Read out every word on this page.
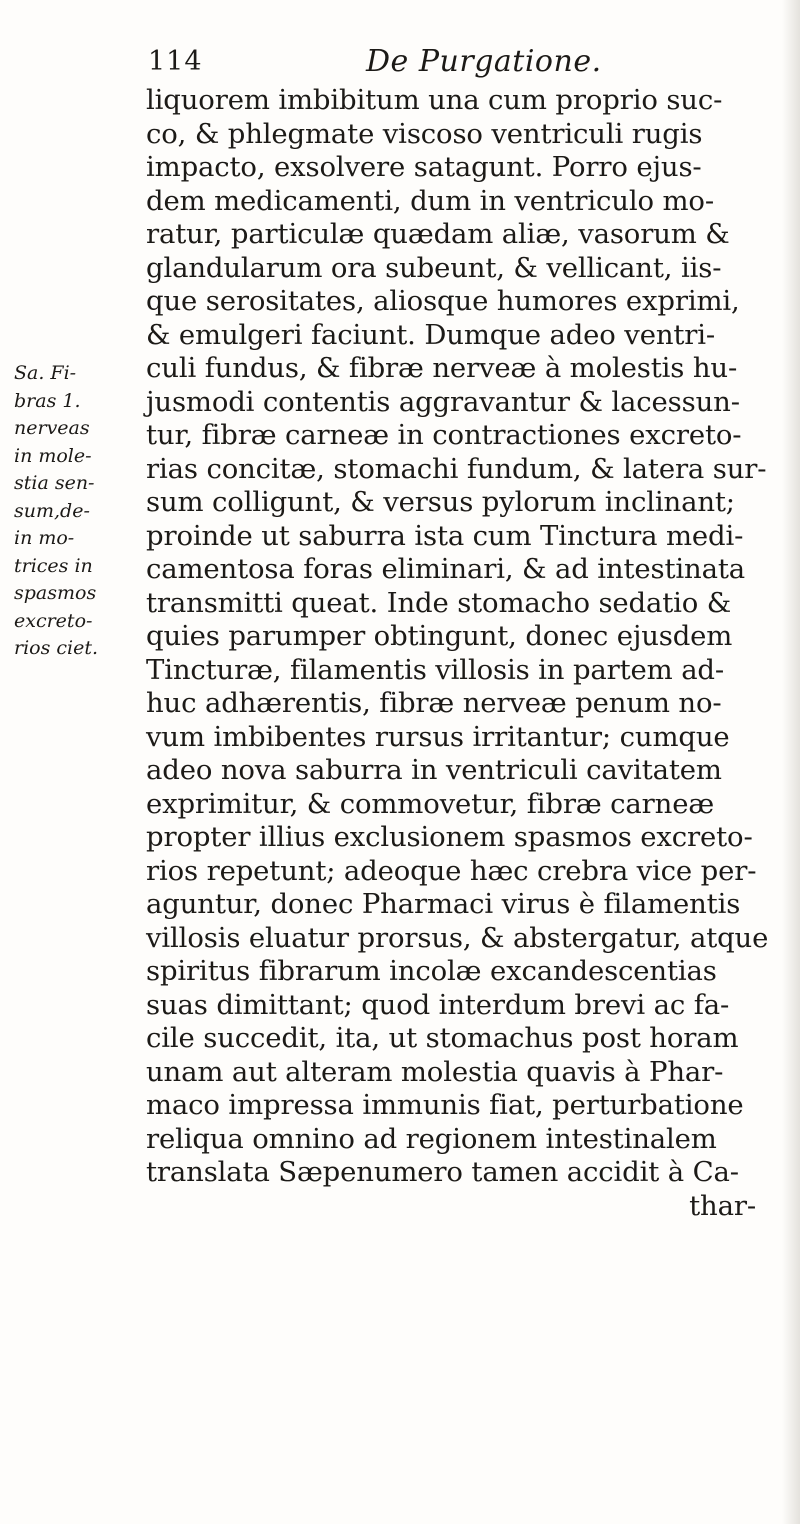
114	De Purgatione.
Sa. Fi-
bras 1.
nerveas
in mole-
stia sen-
sum,de-
in mo-
trices in
spasmos
excreto-
rios ciet.
liquorem imbibitum una cum proprio suc-
co, & phlegmate viscoso ventriculi rugis
impacto, exsolvere satagunt. Porro ejus-
dem medicamenti, dum in ventriculo mo-
ratur, particulæ quædam aliæ, vasorum &
glandularum ora subeunt, & vellicant, iis-
que serositates, aliosque humores exprimi,
& emulgeri faciunt. Dumque adeo ventri-
culi fundus, & fibræ nerveæ à molestis hu-
jusmodi contentis aggravantur & lacessun-
tur, fibræ carneæ in contractiones excreto-
rias concitæ, stomachi fundum, & latera sur-
sum colligunt, & versus pylorum inclinant;
proinde ut saburra ista cum Tinctura medi-
camentosa foras eliminari, & ad intestinata
transmitti queat. Inde stomacho sedatio &
quies parumper obtingunt, donec ejusdem
Tincturæ, filamentis villosis in partem ad-
huc adhærentis, fibræ nerveæ penum no-
vum imbibentes rursus irritantur; cumque
adeo nova saburra in ventriculi cavitatem
exprimitur, & commovetur, fibræ carneæ
propter illius exclusionem spasmos excreto-
rios repetunt; adeoque hæc crebra vice per-
aguntur, donec Pharmaci virus è filamentis
villosis eluatur prorsus, & abstergatur, atque
spiritus fibrarum incolæ excandescentias
suas dimittant; quod interdum brevi ac fa-
cile succedit, ita, ut stomachus post horam
unam aut alteram molestia quavis à Phar-
maco impressa immunis fiat, perturbatione
reliqua omnino ad regionem intestinalem
translata Sæpenumero tamen accidit à Ca-
thar-
